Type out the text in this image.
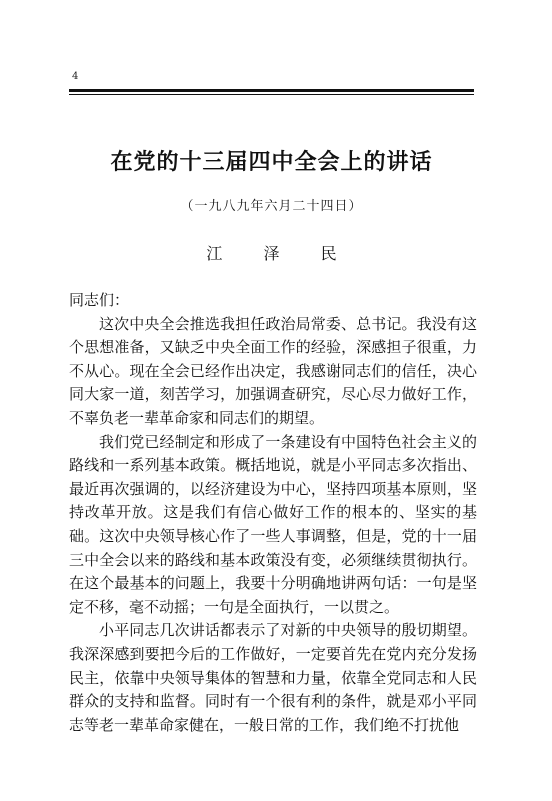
4
在党的十三届四中全会上的讲话
（一九八九年六月二十四日）
江 泽 民

同志们：

这次中央全会推选我担任政治局常委、总书记。我没有这个思想准备，又缺乏中央全面工作的经验，深感担子很重，力不从心。现在全会已经作出决定，我感谢同志们的信任，决心同大家一道，刻苦学习，加强调查研究，尽心尽力做好工作，不辜负老一辈革命家和同志们的期望。

我们党已经制定和形成了一条建设有中国特色社会主义的路线和一系列基本政策。概括地说，就是小平同志多次指出、最近再次强调的，以经济建设为中心，坚持四项基本原则，坚持改革开放。这是我们有信心做好工作的根本的、坚实的基础。这次中央领导核心作了一些人事调整，但是，党的十一届三中全会以来的路线和基本政策没有变，必须继续贯彻执行。在这个最基本的问题上，我要十分明确地讲两句话：一句是坚定不移，毫不动摇；一句是全面执行，一以贯之。

小平同志几次讲话都表示了对新的中央领导的殷切期望。我深深感到要把今后的工作做好，一定要首先在党内充分发扬民主，依靠中央领导集体的智慧和力量，依靠全党同志和人民群众的支持和监督。同时有一个很有利的条件，就是邓小平同志等老一辈革命家健在，一般日常的工作，我们绝不打扰他
